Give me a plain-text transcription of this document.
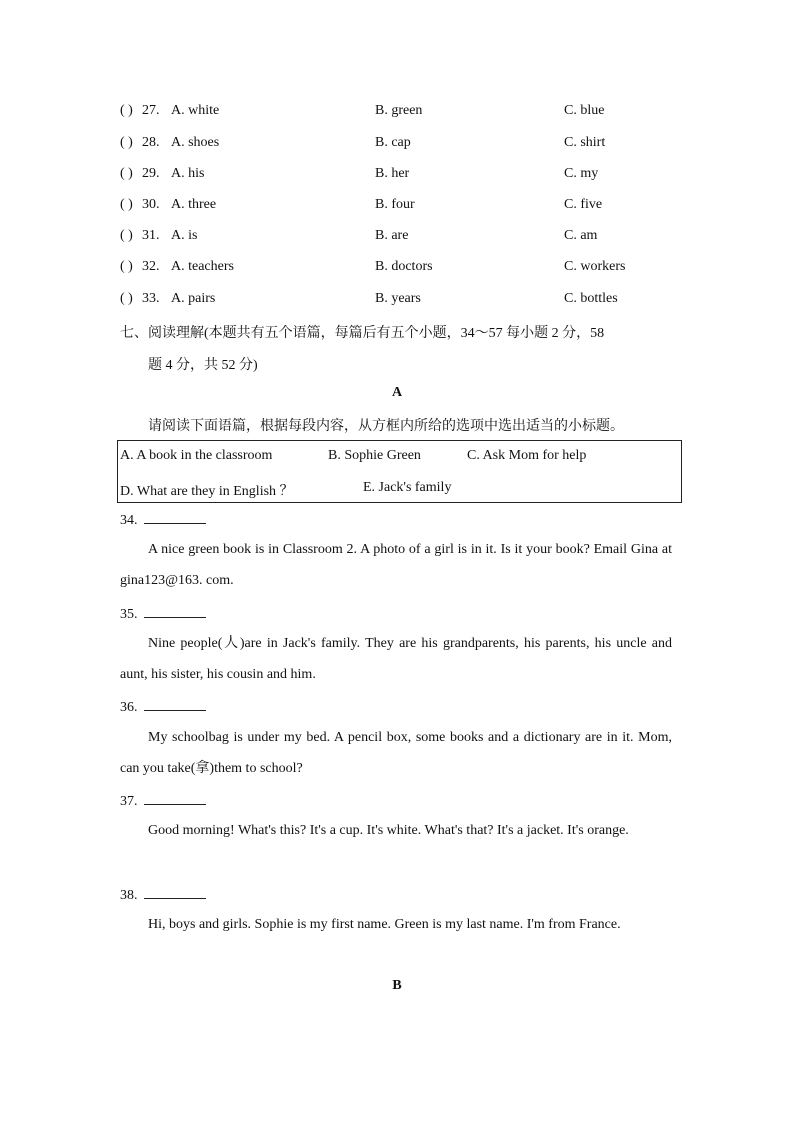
( ) 27. A. white	B. green	C. blue
( ) 28. A. shoes	B. cap	C. shirt
( ) 29. A. his	B. her	C. my
( ) 30. A. three	B. four	C. five
( ) 31. A. is	B. are	C. am
( ) 32. A. teachers	B. doctors	C. workers
( ) 33. A. pairs	B. years	C. bottles
七、阅读理解(本题共有五个语篇，每篇后有五个小题，34～57 每小题 2 分，58
题 4 分，共 52 分)
A
请阅读下面语篇，根据每段内容，从方框内所给的选项中选出适当的小标题。
A. A book in the classroom	B. Sophie Green	C. Ask Mom for help
D. What are they in English ？	E. Jack's family
34.
A nice green book is in Classroom 2. A photo of a girl is in it. Is it your book? Email Gina at gina123@163. com.
35.
Nine people(人)are in Jack's family. They are his grandparents, his parents, his uncle and aunt, his sister, his cousin and him.
36.
My schoolbag is under my bed. A pencil box, some books and a dictionary are in it. Mom, can you take(拿)them to school?
37.
Good morning! What's this? It's a cup. It's white. What's that? It's a jacket. It's orange.
38.
Hi, boys and girls. Sophie is my first name. Green is my last name. I'm from France.
B
